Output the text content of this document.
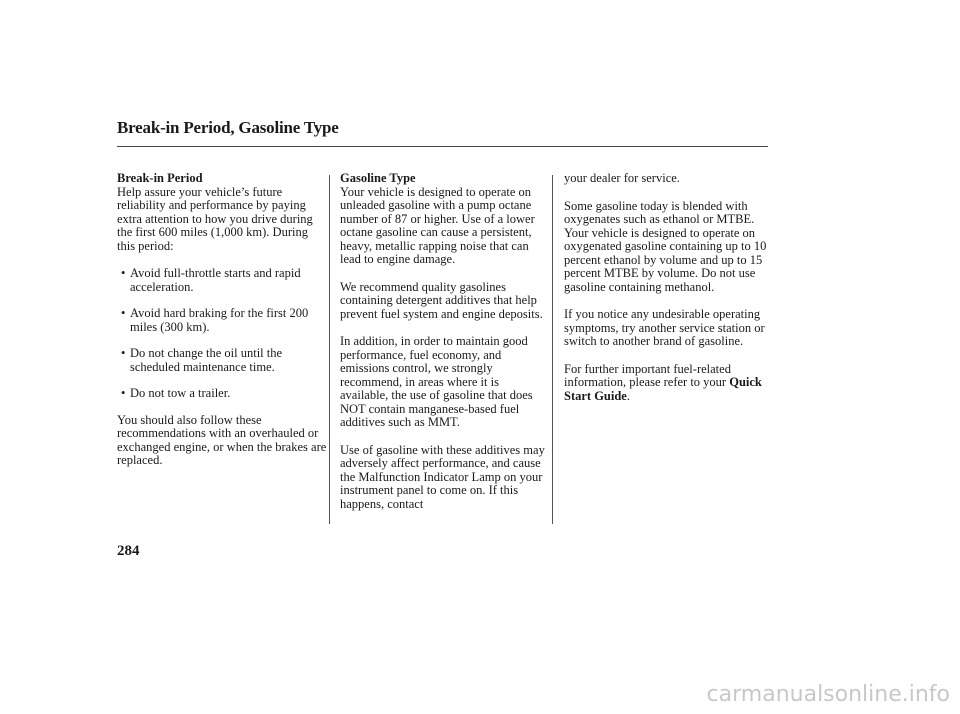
Break-in Period, Gasoline Type
Break-in Period

Help assure your vehicle’s future reliability and performance by paying extra attention to how you drive during the first 600 miles (1,000 km). During this period:

• Avoid full-throttle starts and rapid acceleration.
• Avoid hard braking for the first 200 miles (300 km).
• Do not change the oil until the scheduled maintenance time.
• Do not tow a trailer.

You should also follow these recommendations with an overhauled or exchanged engine, or when the brakes are replaced.

Gasoline Type

Your vehicle is designed to operate on unleaded gasoline with a pump octane number of 87 or higher. Use of a lower octane gasoline can cause a persistent, heavy, metallic rapping noise that can lead to engine damage.

We recommend quality gasolines containing detergent additives that help prevent fuel system and engine deposits.

In addition, in order to maintain good performance, fuel economy, and emissions control, we strongly recommend, in areas where it is available, the use of gasoline that does NOT contain manganese-based fuel additives such as MMT.

Use of gasoline with these additives may adversely affect performance, and cause the Malfunction Indicator Lamp on your instrument panel to come on. If this happens, contact

your dealer for service.

Some gasoline today is blended with oxygenates such as ethanol or MTBE. Your vehicle is designed to operate on oxygenated gasoline containing up to 10 percent ethanol by volume and up to 15 percent MTBE by volume. Do not use gasoline containing methanol.

If you notice any undesirable operating symptoms, try another service station or switch to another brand of gasoline.

For further important fuel-related information, please refer to your Quick Start Guide.

284
carmanualsonline.info
